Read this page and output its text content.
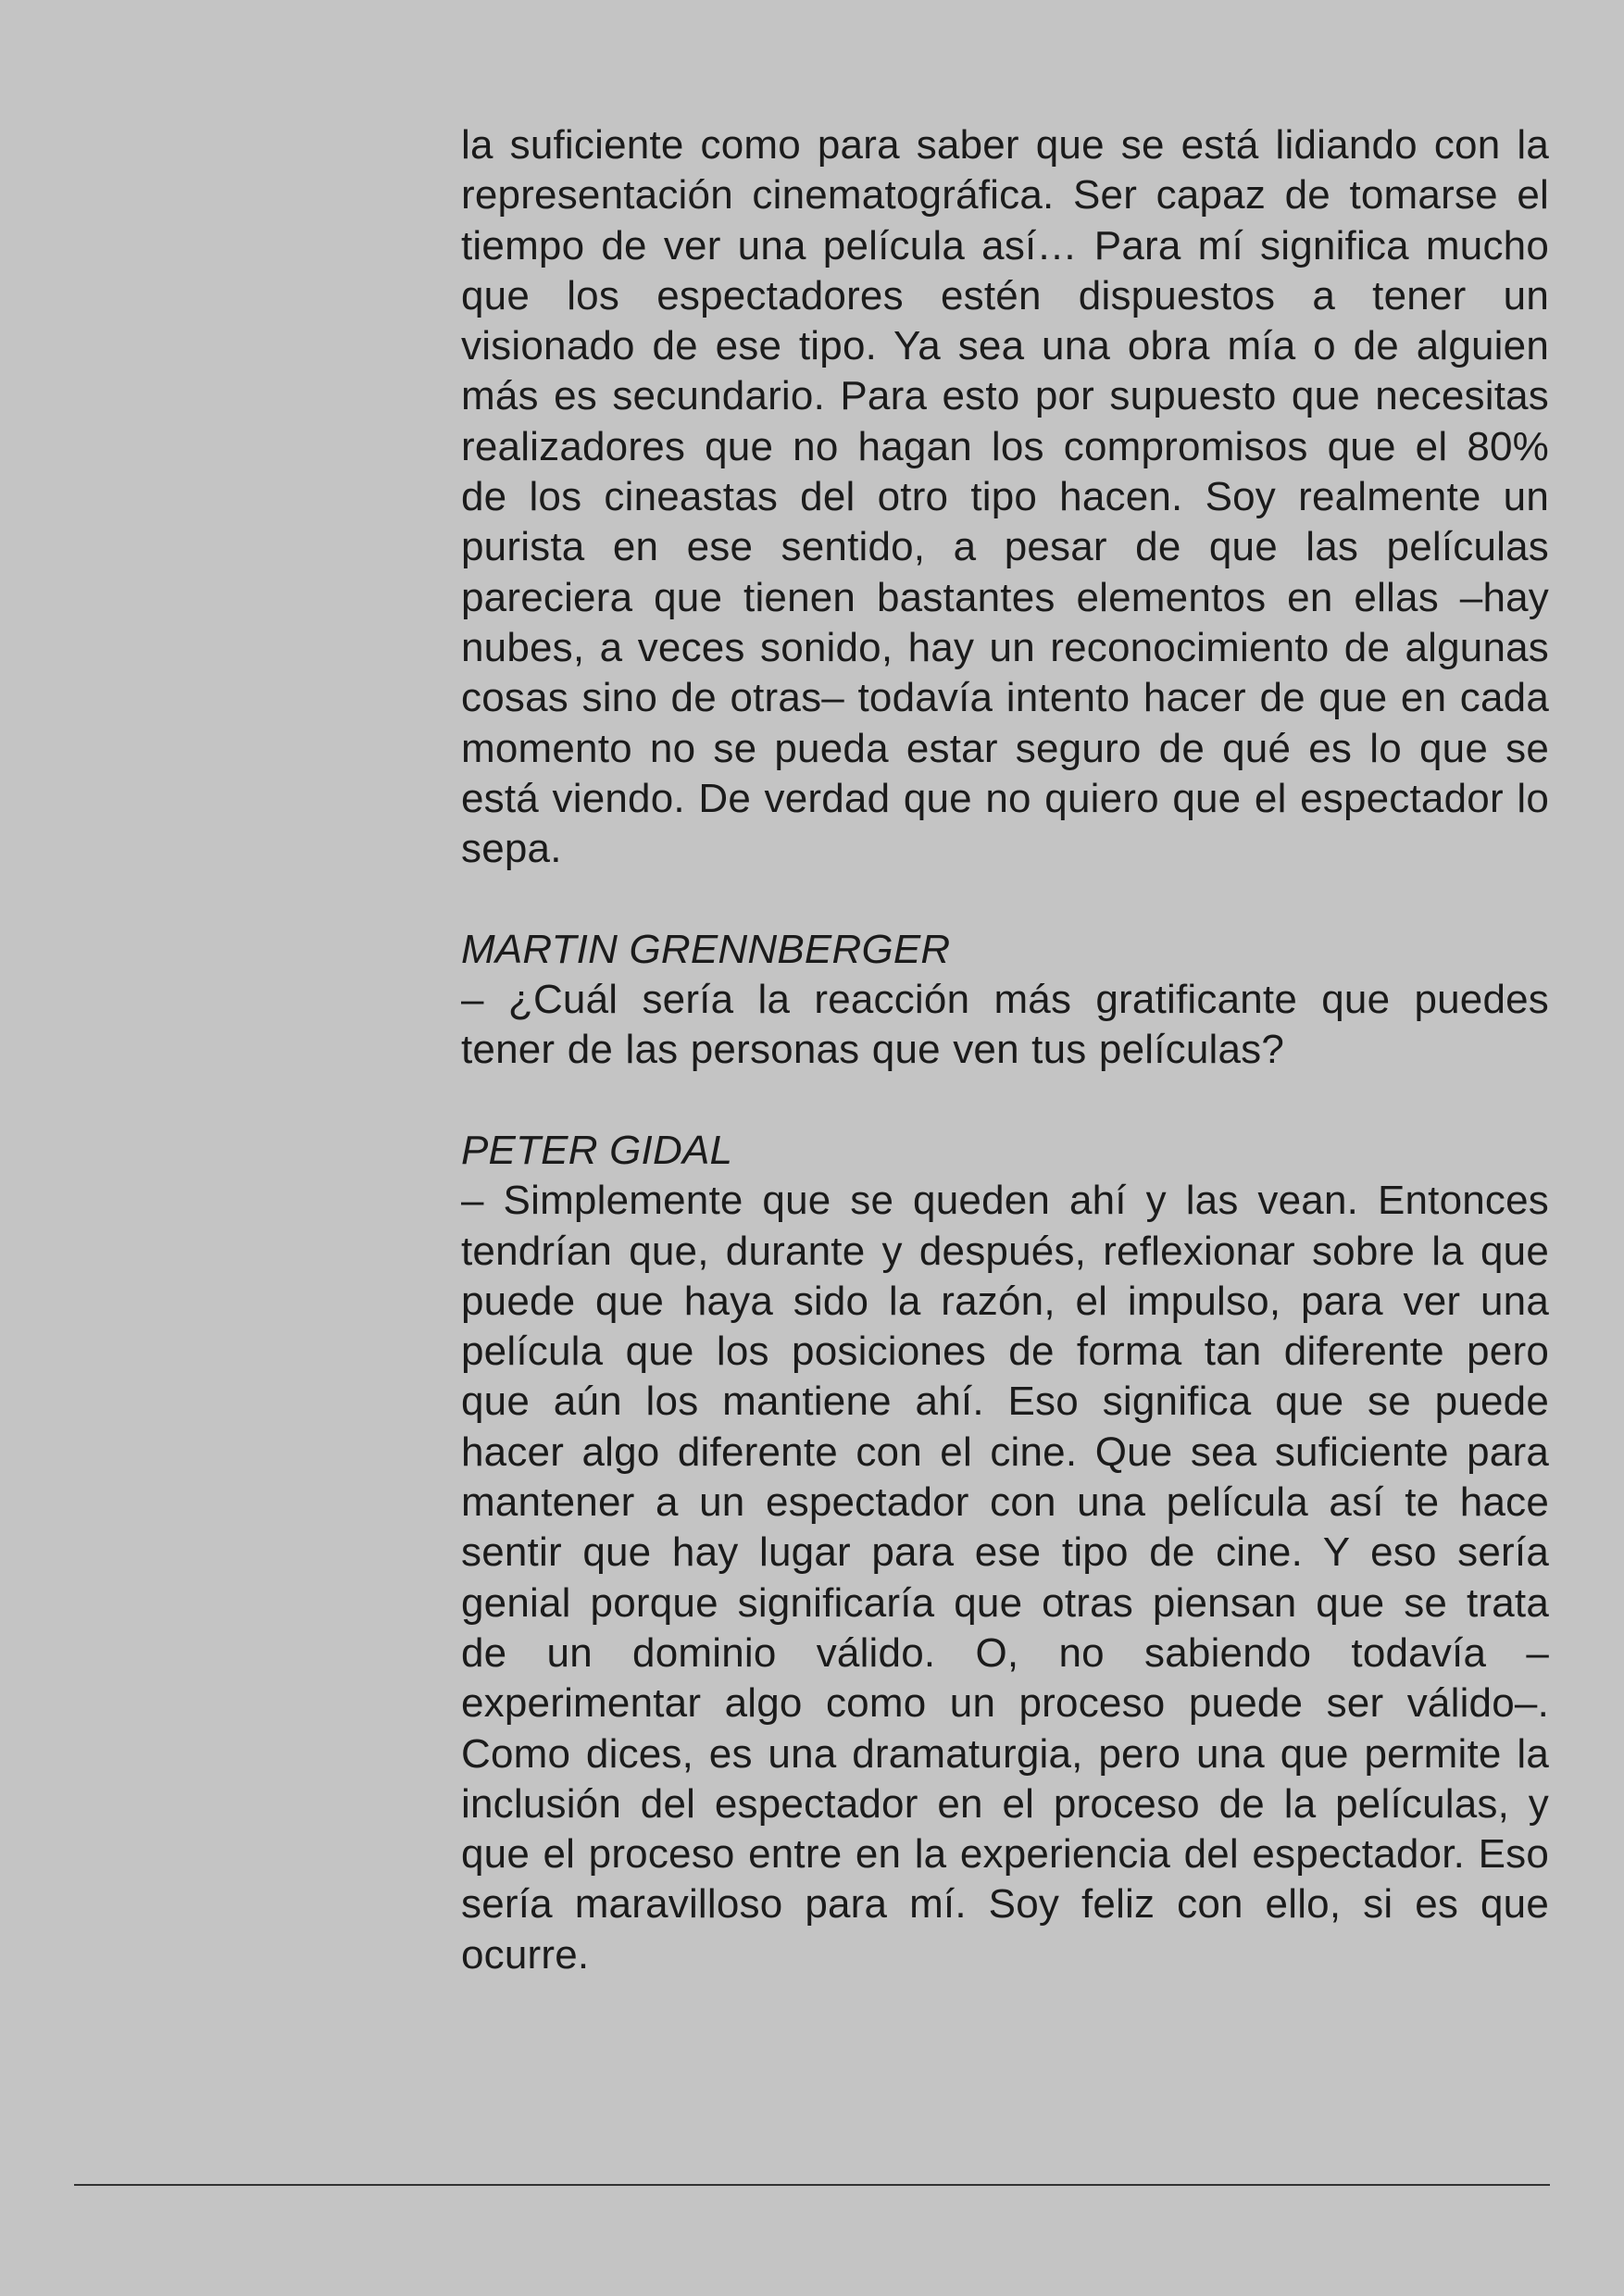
la suficiente como para saber que se está lidiando con la representación cinematográfica. Ser capaz de tomarse el tiempo de ver una película así… Para mí significa mucho que los espectadores estén dispuestos a tener un visionado de ese tipo. Ya sea una obra mía o de alguien más es secundario. Para esto por supuesto que necesitas realizadores que no hagan los compromisos que el 80% de los cineastas del otro tipo hacen. Soy realmente un purista en ese sentido, a pesar de que las películas pareciera que tienen bastantes elementos en ellas –hay nubes, a veces sonido, hay un reconocimiento de algunas cosas sino de otras– todavía intento hacer de que en cada momento no se pueda estar seguro de qué es lo que se está viendo. De verdad que no quiero que el espectador lo sepa.

MARTIN GRENNBERGER

– ¿Cuál sería la reacción más gratificante que puedes tener de las personas que ven tus películas?

PETER GIDAL

– Simplemente que se queden ahí y las vean. Entonces tendrían que, durante y después, reflexionar sobre la que puede que haya sido la razón, el impulso, para ver una película que los posiciones de forma tan diferente pero que aún los mantiene ahí. Eso significa que se puede hacer algo diferente con el cine. Que sea suficiente para mantener a un espectador con una película así te hace sentir que hay lugar para ese tipo de cine. Y eso sería genial porque significaría que otras piensan que se trata de un dominio válido. O, no sabiendo todavía –experimentar algo como un proceso puede ser válido–. Como dices, es una dramaturgia, pero una que permite la inclusión del espectador en el proceso de la películas, y que el proceso entre en la experiencia del espectador. Eso sería maravilloso para mí. Soy feliz con ello, si es que ocurre.
